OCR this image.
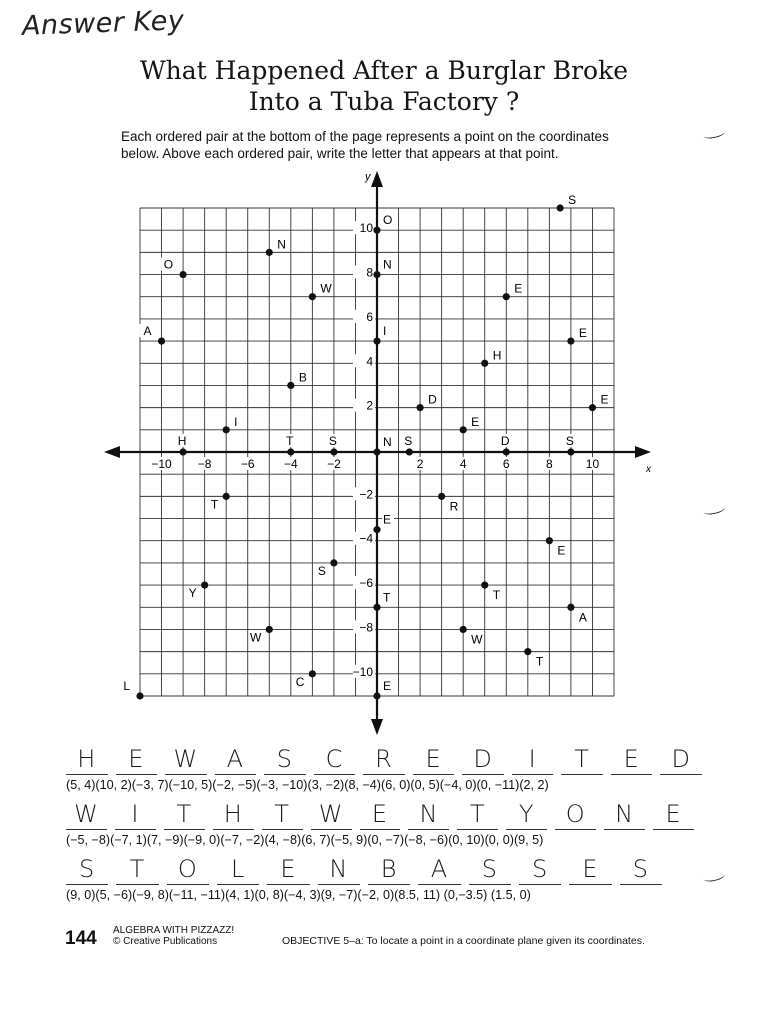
Answer Key
What Happened After a Burglar Broke
Into a Tuba Factory ?
Each ordered pair at the bottom of the page represents a point on the coordinates
below. Above each ordered pair, write the letter that appears at that point.
x
y
−10 −8 −6 −4 −2	2	4	6	8	10
10
8
6
4
2
−2
−4
−6
−8
−10
S
O
N
O	N
W	E
A	I	E
H
B
D	E
I	E
H	T	S	N S	D	S
T	R
E
E
S
Y	T
T
A
W	W
T
C
L	E
H	E	W	A	S	C	R	E	D	I	T	E	D
(5, 4)(10, 2)(−3, 7)(−10, 5)(−2, −5)(−3, −10)(3, −2)(8, −4)(6, 0)(0, 5)(−4, 0)(0, −11)(2, 2)
W	I	T	H	T	W	E	N	T	Y	O	N	E
(−5, −8)(−7, 1)(7, −9)(−9, 0)(−7, −2)(4, −8)(6, 7)(−5, 9)(0, −7)(−8, −6)(0, 10)(0, 0)(9, 5)
S	T	O	L	E	N	B	A	S	S	E	S
(9, 0)(5, −6)(−9, 8)(−11, −11)(4, 1)(0, 8)(−4, 3)(9, −7)(−2, 0)(8.5, 11) (0,−3.5) (1.5, 0)
144 ALGEBRA WITH PIZZAZZ!
© Creative Publications	OBJECTIVE 5–a: To locate a point in a coordinate plane given its coordinates.
